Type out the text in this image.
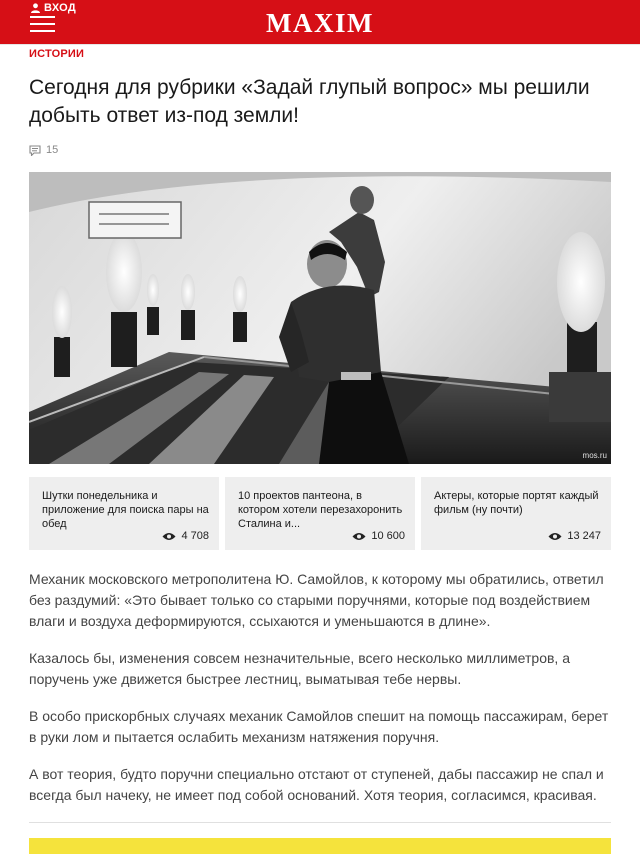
ВХОД	MAXIM
ИСТОРИИ
Сегодня для рубрики «Задай глупый вопрос» мы решили добыть ответ из-под земли!
15
mos.ru
Шутки понедельника и приложение для поиска пары на обед
4 708
10 проектов пантеона, в котором хотели перезахоронить Сталина и...
10 600
Актеры, которые портят каждый фильм (ну почти)
13 247

Механик московского метрополитена Ю. Самойлов, к которому мы обратились, ответил без раздумий: «Это бывает только со старыми поручнями, которые под воздействием влаги и воздуха деформируются, ссыхаются и уменьшаются в длине».

Казалось бы, изменения совсем незначительные, всего несколько миллиметров, а поручень уже движется быстрее лестниц, выматывая тебе нервы.

В особо прискорбных случаях механик Самойлов спешит на помощь пассажирам, берет в руки лом и пытается ослабить механизм натяжения поручня.

А вот теория, будто поручни специально отстают от ступеней, дабы пассажир не спал и всегда был начеку, не имеет под собой оснований. Хотя теория, согласимся, красивая.
